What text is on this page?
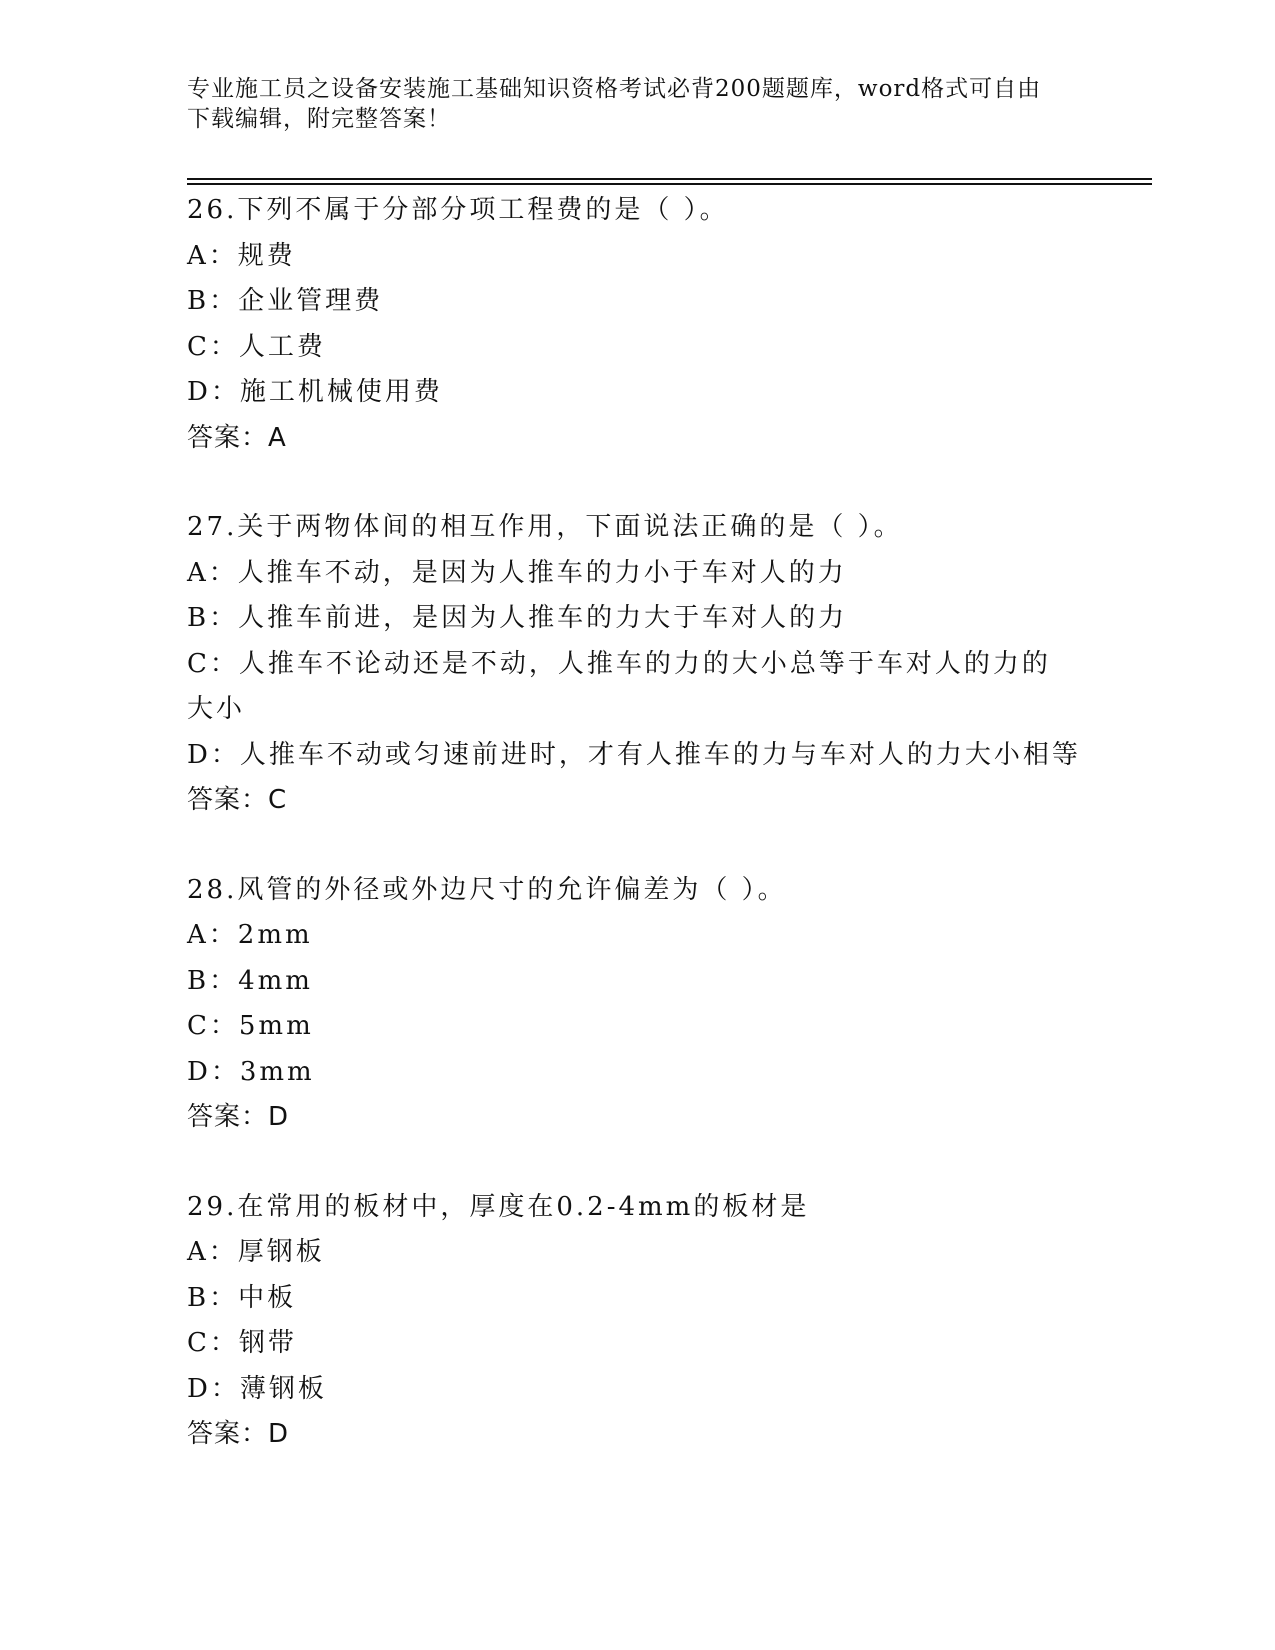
专业施工员之设备安装施工基础知识资格考试必背200题题库，word格式可自由
下载编辑，附完整答案！
26.下列不属于分部分项工程费的是（ ）。
A：规费
B：企业管理费
C：人工费
D：施工机械使用费
答案：A
27.关于两物体间的相互作用，下面说法正确的是（ ）。
A：人推车不动，是因为人推车的力小于车对人的力
B：人推车前进，是因为人推车的力大于车对人的力
C：人推车不论动还是不动，人推车的力的大小总等于车对人的力的大小
D：人推车不动或匀速前进时，才有人推车的力与车对人的力大小相等
答案：C
28.风管的外径或外边尺寸的允许偏差为（ ）。
A：2mm
B：4mm
C：5mm
D：3mm
答案：D
29.在常用的板材中，厚度在0.2-4mm的板材是
A：厚钢板
B：中板
C：钢带
D：薄钢板
答案：D
